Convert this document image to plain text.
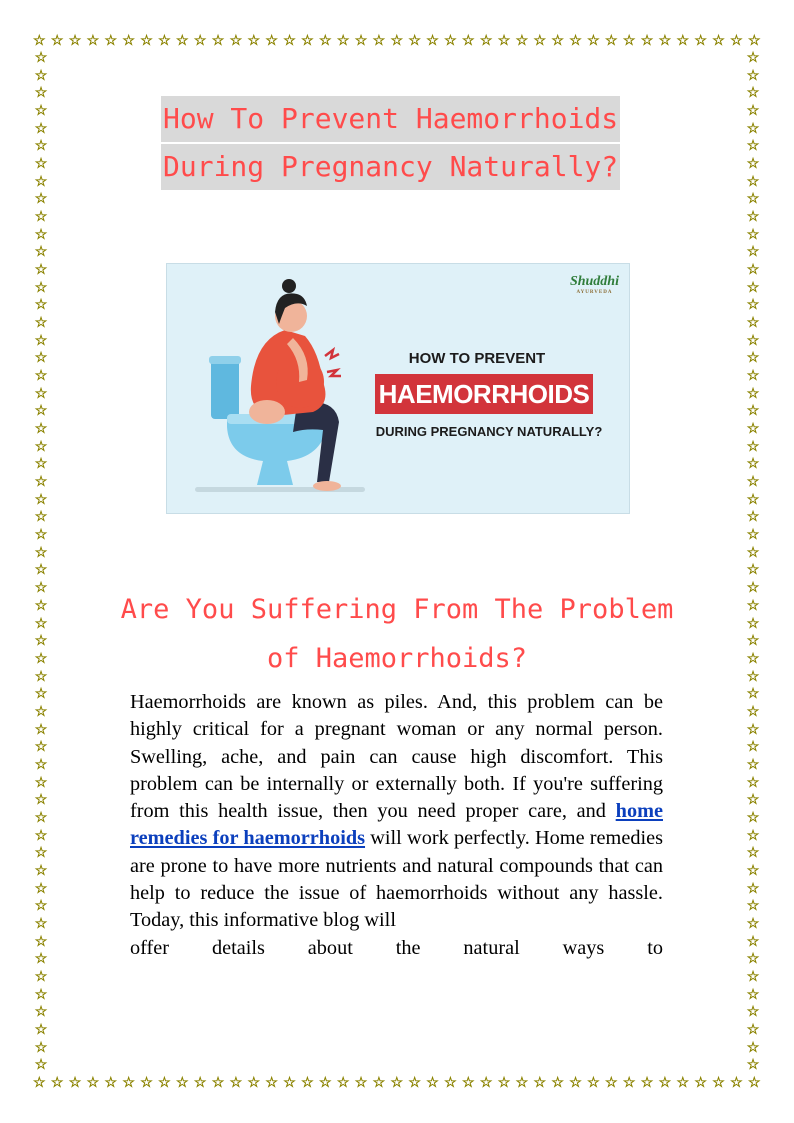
☆ ☆ ☆ ☆ ☆ ☆ ☆ ☆ ☆ ☆ ☆ ☆ ☆ ☆ ☆ ☆ ☆ ☆ ☆ ☆ ☆ ☆ ☆ ☆ ☆ ☆ ☆ ☆ ☆ ☆ ☆ ☆ ☆ ☆ ☆ ☆ ☆ ☆ ☆ ☆ ☆
☆ ☆ ☆ ☆ ☆ ☆ ☆ ☆ ☆ ☆ ☆ ☆ ☆ ☆ ☆ ☆ ☆ ☆ ☆ ☆ ☆ ☆ ☆ ☆ ☆ ☆ ☆ ☆ ☆ ☆ ☆ ☆ ☆ ☆ ☆ ☆ ☆ ☆ ☆ ☆ ☆
☆
☆
☆
☆
☆
☆
☆
☆
☆
☆
☆
☆
☆
☆
☆
☆
☆
☆
☆
☆
☆
☆
☆
☆
☆
☆
☆
☆
☆
☆
☆
☆
☆
☆
☆
☆
☆
☆
☆
☆
☆
☆
☆
☆
☆
☆
☆
☆
☆
☆
☆
☆
☆
☆
☆
☆
☆
☆
☆
☆
☆
☆
☆
☆
☆
☆
☆
☆
☆
☆
☆
☆
☆
☆
☆
☆
☆
☆
☆
☆
☆
☆
☆
☆
☆
☆
☆
☆
☆
☆
☆
☆
☆
☆
☆
☆
☆
☆
☆
☆
☆
☆
☆
☆
☆
☆
☆
☆
☆
☆
☆
☆
☆
☆
☆
☆
How To Prevent Haemorrhoids
During Pregnancy Naturally?
Shuddhi
AYURVEDA
HOW TO PREVENT
HAEMORRHOIDS
DURING PREGNANCY NATURALLY?
Are You Suffering From The Problem
of Haemorrhoids?
Haemorrhoids are known as piles. And, this problem can be highly critical for a pregnant woman or any normal person. Swelling, ache, and pain can cause high discomfort. This problem can be internally or externally both. If you're suffering from this health issue, then you need proper care, and home remedies for haemorrhoids will work perfectly. Home remedies are prone to have more nutrients and natural compounds that can help to reduce the issue of haemorrhoids without any hassle. Today, this informative blog will
offer details about the natural ways to
